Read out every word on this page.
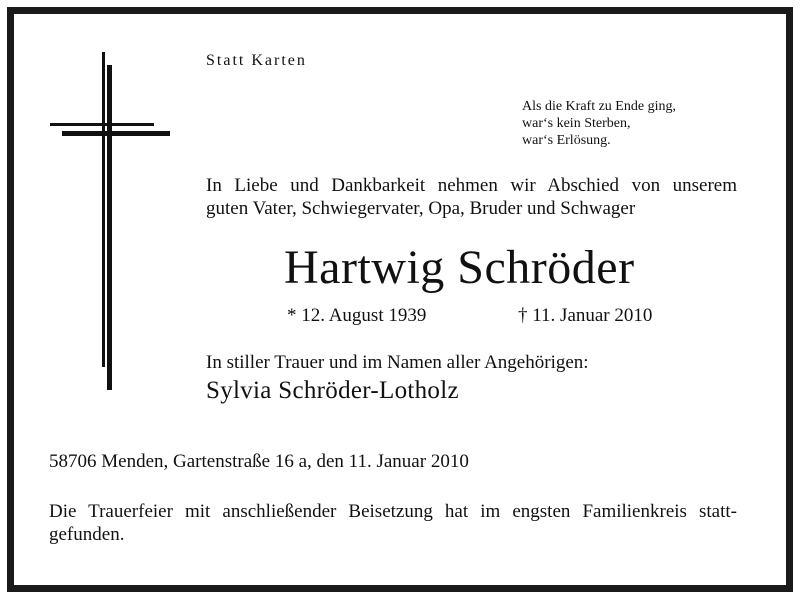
Statt Karten
Als die Kraft zu Ende ging,
war‘s kein Sterben,
war‘s Erlösung.
In Liebe und Dankbarkeit nehmen wir Abschied von unserem
guten Vater, Schwiegervater, Opa, Bruder und Schwager
Hartwig Schröder
* 12. August 1939	† 11. Januar 2010
In stiller Trauer und im Namen aller Angehörigen:
Sylvia Schröder-Lotholz
58706 Menden, Gartenstraße 16 a, den 11. Januar 2010
Die Trauerfeier mit anschließender Beisetzung hat im engsten Familienkreis statt-
gefunden.
